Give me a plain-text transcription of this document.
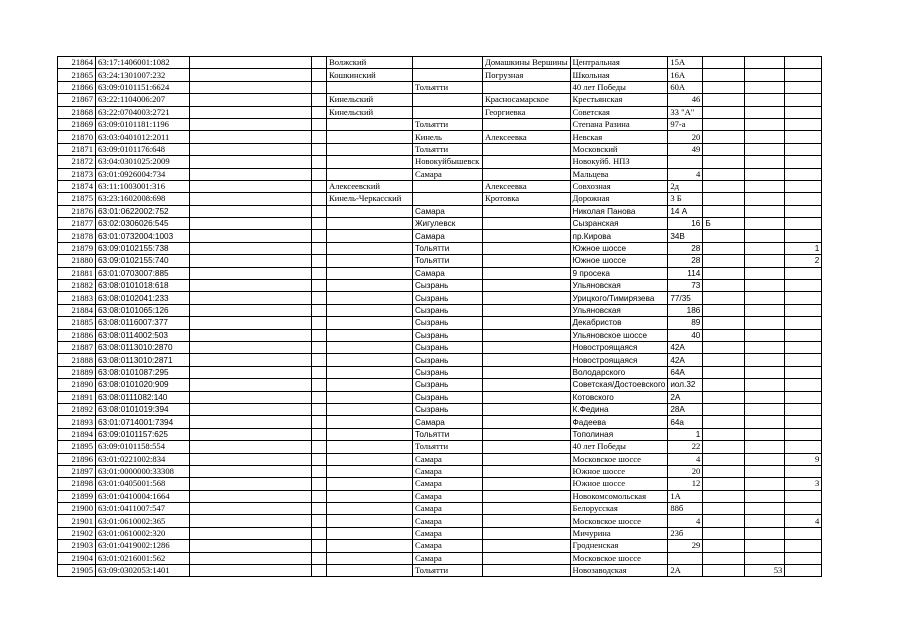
21864	63:17:1406001:1082			Волжский		Домашкины Вершины	Центральная	15А			
21865	63:24:1301007:232			Кошкинский		Погрузная	Школьная	16А			
21866	63:09:0101151:6624				Тольятти		40 лет Победы	60А			
21867	63:22:1104006:207			Кинельский		Красносамарское	Крестьянская	46			
21868	63:22:0704003:2721			Кинельский		Георгиевка	Советская	33 "А"			
21869	63:09:0101181:1196				Тольятти		Степана Разина	97-а			
21870	63:03:0401012:2011				Кинель	Алексеевка	Невская	20			
21871	63:09:0101176:648				Тольятти		Московский	49			
21872	63:04:0301025:2009				Новокуйбышевск		Новокуйб. НПЗ				
21873	63:01:0926004:734				Самара		Мальцева	4			
21874	63:11:1003001:316			Алексеевский		Алексеевка	Совхозная	2д			
21875	63:23:1602008:698			Кинель-Черкасский		Кротовка	Дорожная	3 Б			
21876	63:01:0622002:752				Самара		Николая Панова	14 А			
21877	63:02:0306026:545				Жигулевск		Сызранская	16	Б		
21878	63:01:0732004:1003				Самара		пр.Кирова	34В			
21879	63:09:0102155:738				Тольятти		Южное шоссе	28			1
21880	63:09:0102155:740				Тольятти		Южное шоссе	28			2
21881	63:01:0703007:885				Самара		9 просека	114			
21882	63:08:0101018:618				Сызрань		Ульяновская	73			
21883	63:08:0102041:233				Сызрань		Урицкого/Тимирязева	77/35			
21884	63:08:0101065:126				Сызрань		Ульяновская	186			
21885	63:08:0116007:377				Сызрань		Декабристов	89			
21886	63:08:0114002:503				Сызрань		Ульяновское шоссе	40			
21887	63:08:0113010:2870				Сызрань		Новостроящаяся	42А			
21888	63:08:0113010:2871				Сызрань		Новостроящаяся	42А			
21889	63:08:0101087:295				Сызрань		Володарского	64А			
21890	63:08:0101020:909				Сызрань		Советская/Достоевского	иол.32			
21891	63:08:0111082:140				Сызрань		Котовского	2А			
21892	63:08:0101019:394				Сызрань		К.Федина	28А			
21893	63:01:0714001:7394				Самара		Фадеева	64а			
21894	63:09:0101157:625				Тольятти		Тополиная	1			
21895	63:09:0101158:554				Тольятти		40 лет Победы	22			
21896	63:01:0221002:834				Самара		Московское шоссе	4			9
21897	63:01:0000000:33308				Самара		Южное шоссе	20			
21898	63:01:0405001:568				Самара		Южное шоссе	12			3
21899	63:01:0410004:1664				Самара		Новокомсомольская	1А			
21900	63:01:0411007:547				Самара		Белорусская	88б			
21901	63:01:0610002:365				Самара		Московское шоссе	4			4
21902	63:01:0610002:320				Самара		Мичурина	23б			
21903	63:01:0419002:1286				Самара		Гродненская	29			
21904	63:01:0216001:562				Самара		Московское шоссе				
21905	63:09:0302053:1401				Тольятти		Новозаводская	2А		53	
